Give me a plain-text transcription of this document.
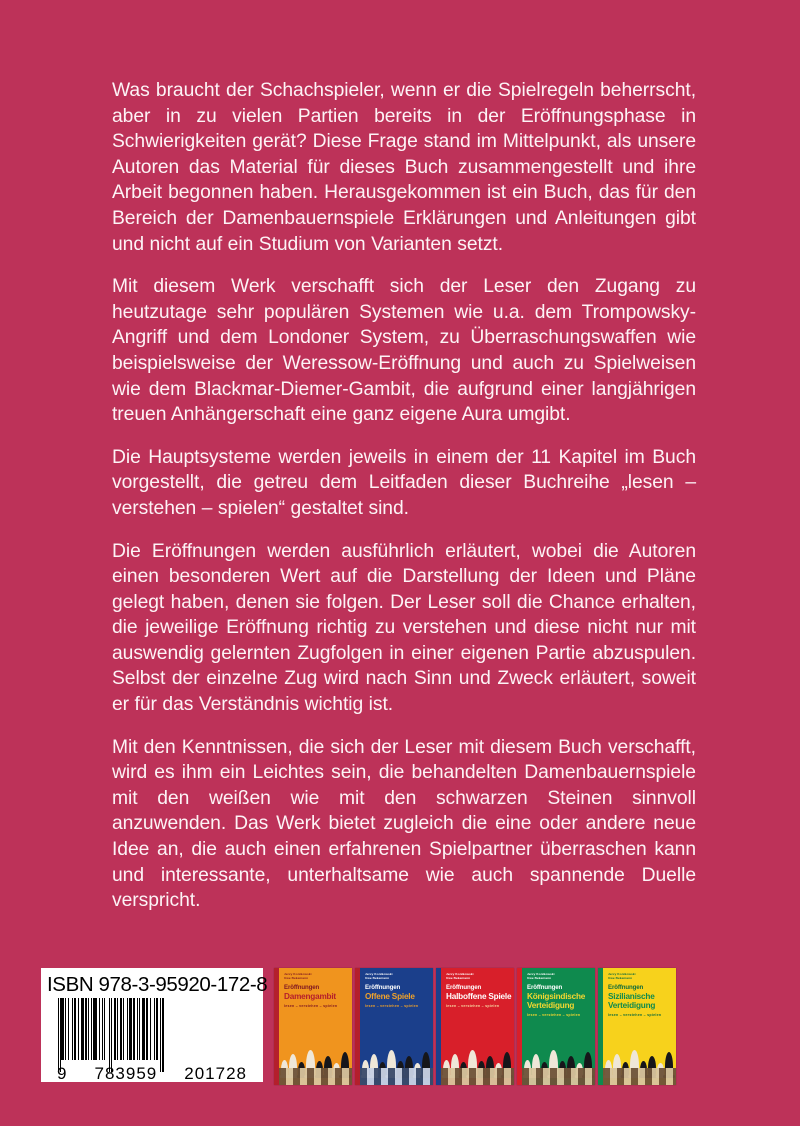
Was braucht der Schachspieler, wenn er die Spielregeln beherrscht, aber in zu vielen Partien bereits in der Eröffnungsphase in Schwierigkeiten gerät? Diese Frage stand im Mittelpunkt, als unsere Autoren das Material für dieses Buch zusammengestellt und ihre Arbeit begonnen haben. Herausgekommen ist ein Buch, das für den Bereich der Damenbauernspiele Erklärungen und Anleitungen gibt und nicht auf ein Studium von Varianten setzt.

Mit diesem Werk verschafft sich der Leser den Zugang zu heutzutage sehr populären Systemen wie u.a. dem Trompowsky-Angriff und dem Londoner System, zu Überraschungswaffen wie beispielsweise der Weressow-Eröffnung und auch zu Spielweisen wie dem Blackmar-Diemer-Gambit, die aufgrund einer langjährigen treuen Anhängerschaft eine ganz eigene Aura umgibt.

Die Hauptsysteme werden jeweils in einem der 11 Kapitel im Buch vorgestellt, die getreu dem Leitfaden dieser Buchreihe „lesen – verstehen – spielen“ gestaltet sind.

Die Eröffnungen werden ausführlich erläutert, wobei die Autoren einen besonderen Wert auf die Darstellung der Ideen und Pläne gelegt haben, denen sie folgen. Der Leser soll die Chance erhalten, die jeweilige Eröffnung richtig zu verstehen und diese nicht nur mit auswendig gelernten Zugfolgen in einer eigenen Partie abzuspulen. Selbst der einzelne Zug wird nach Sinn und Zweck erläutert, soweit er für das Verständnis wichtig ist.

Mit den Kenntnissen, die sich der Leser mit diesem Buch verschafft, wird es ihm ein Leichtes sein, die behandelten Damenbauernspiele mit den weißen wie mit den schwarzen Steinen sinnvoll anzuwenden. Das Werk bietet zugleich die eine oder andere neue Idee an, die auch einen erfahrenen Spielpartner überraschen kann und interessante, unterhaltsame wie auch spannende Duelle verspricht.

ISBN 978-3-95920-172-8
9 783959 201728
Jerzy Konikowski
Uwe Bekemann
Eröffnungen
Damengambit
lesen – verstehen – spielen
Jerzy Konikowski
Uwe Bekemann
Eröffnungen
Offene Spiele
lesen – verstehen – spielen
Jerzy Konikowski
Uwe Bekemann
Eröffnungen
Halboffene Spiele
lesen – verstehen – spielen
Jerzy Konikowski
Uwe Bekemann
Eröffnungen
Königsindische Verteidigung
lesen – verstehen – spielen
Jerzy Konikowski
Uwe Bekemann
Eröffnungen
Sizilianische Verteidigung
lesen – verstehen – spielen
